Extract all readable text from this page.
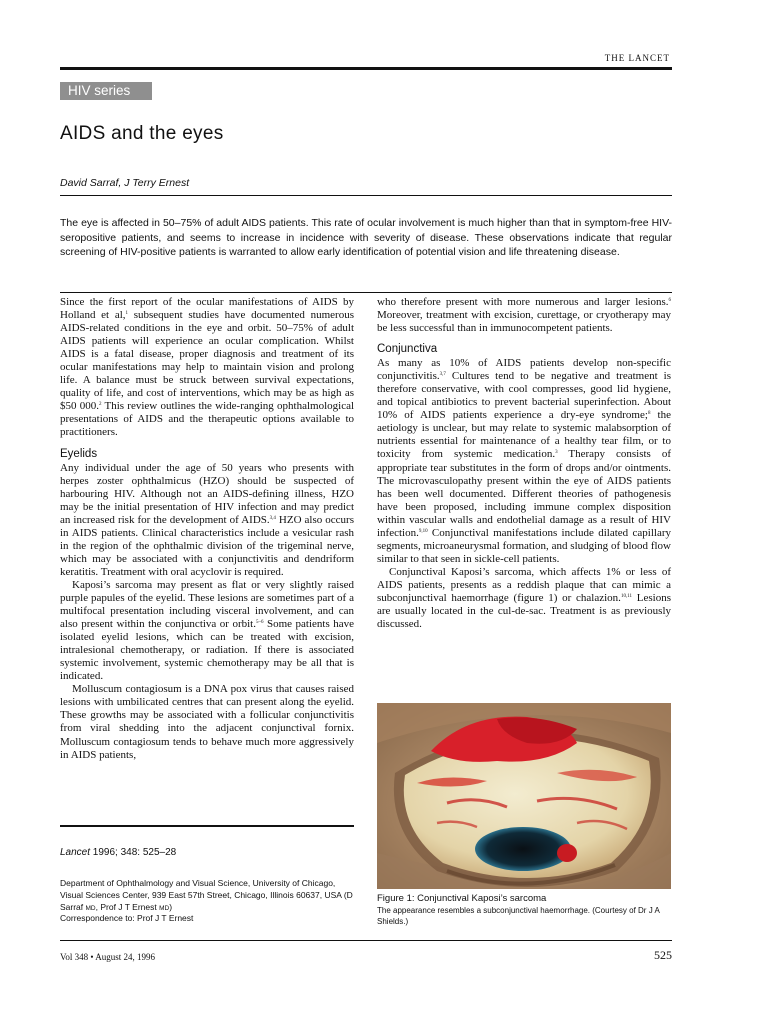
THE LANCET
HIV series
AIDS and the eyes
David Sarraf, J Terry Ernest

The eye is affected in 50–75% of adult AIDS patients. This rate of ocular involvement is much higher than that in symptom-free HIV-seropositive patients, and seems to increase in incidence with severity of disease. These observations indicate that regular screening of HIV-positive patients is warranted to allow early identification of potential vision and life threatening disease.

Since the first report of the ocular manifestations of AIDS by Holland et al,$^1$ subsequent studies have documented numerous AIDS-related conditions in the eye and orbit. 50–75% of adult AIDS patients will experience an ocular complication. Whilst AIDS is a fatal disease, proper diagnosis and treatment of its ocular manifestations may help to maintain vision and prolong life. A balance must be struck between survival expectations, quality of life, and cost of interventions, which may be as high as $50 000.$^2$ This review outlines the wide-ranging ophthalmological presentations of AIDS and the therapeutic options available to practitioners.

Eyelids

Any individual under the age of 50 years who presents with herpes zoster ophthalmicus (HZO) should be suspected of harbouring HIV. Although not an AIDS-defining illness, HZO may be the initial presentation of HIV infection and may predict an increased risk for the development of AIDS.$^{3,4}$ HZO also occurs in AIDS patients. Clinical characteristics include a vesicular rash in the region of the ophthalmic division of the trigeminal nerve, which may be associated with a conjunctivitis and dendriform keratitis. Treatment with oral acyclovir is required.

Kaposi’s sarcoma may present as flat or very slightly raised purple papules of the eyelid. These lesions are sometimes part of a multifocal presentation including visceral involvement, and can also present within the conjunctiva or orbit.$^{5-6}$ Some patients have isolated eyelid lesions, which can be treated with excision, intralesional chemotherapy, or radiation. If there is associated systemic involvement, systemic chemotherapy may be all that is indicated.

Molluscum contagiosum is a DNA pox virus that causes raised lesions with umbilicated centres that can present along the eyelid. These growths may be associated with a follicular conjunctivitis from viral shedding into the adjacent conjunctival fornix. Molluscum contagiosum tends to behave much more aggressively in AIDS patients,

who therefore present with more numerous and larger lesions.$^6$ Moreover, treatment with excision, curettage, or cryotherapy may be less successful than in immunocompetent patients.

Conjunctiva

As many as 10% of AIDS patients develop non-specific conjunctivitis.$^{3,7}$ Cultures tend to be negative and treatment is therefore conservative, with cool compresses, good lid hygiene, and topical antibiotics to prevent bacterial superinfection. About 10% of AIDS patients experience a dry-eye syndrome;$^8$ the aetiology is unclear, but may relate to systemic malabsorption of nutrients essential for maintenance of a healthy tear film, or to toxicity from systemic medication.$^3$ Therapy consists of appropriate tear substitutes in the form of drops and/or ointments. The microvasculopathy present within the eye of AIDS patients has been well documented. Different theories of pathogenesis have been proposed, including immune complex disposition within vascular walls and endothelial damage as a result of HIV infection.$^{9,10}$ Conjunctival manifestations include dilated capillary segments, microaneurysmal formation, and sludging of blood flow similar to that seen in sickle-cell patients.

Conjunctival Kaposi’s sarcoma, which affects 1% or less of AIDS patients, presents as a reddish plaque that can mimic a subconjunctival haemorrhage (figure 1) or chalazion.$^{10,11}$ Lesions are usually located in the cul-de-sac. Treatment is as previously discussed.

Figure 1: Conjunctival Kaposi’s sarcoma

The appearance resembles a subconjunctival haemorrhage. (Courtesy of Dr J A Shields.)

Lancet 1996; 348: 525–28

Department of Ophthalmology and Visual Science, University of Chicago, Visual Sciences Center, 939 East 57th Street, Chicago, Illinois 60637, USA (D Sarraf MD, Prof J T Ernest MD)

Correspondence to: Prof J T Ernest
Vol 348 • August 24, 1996	525
